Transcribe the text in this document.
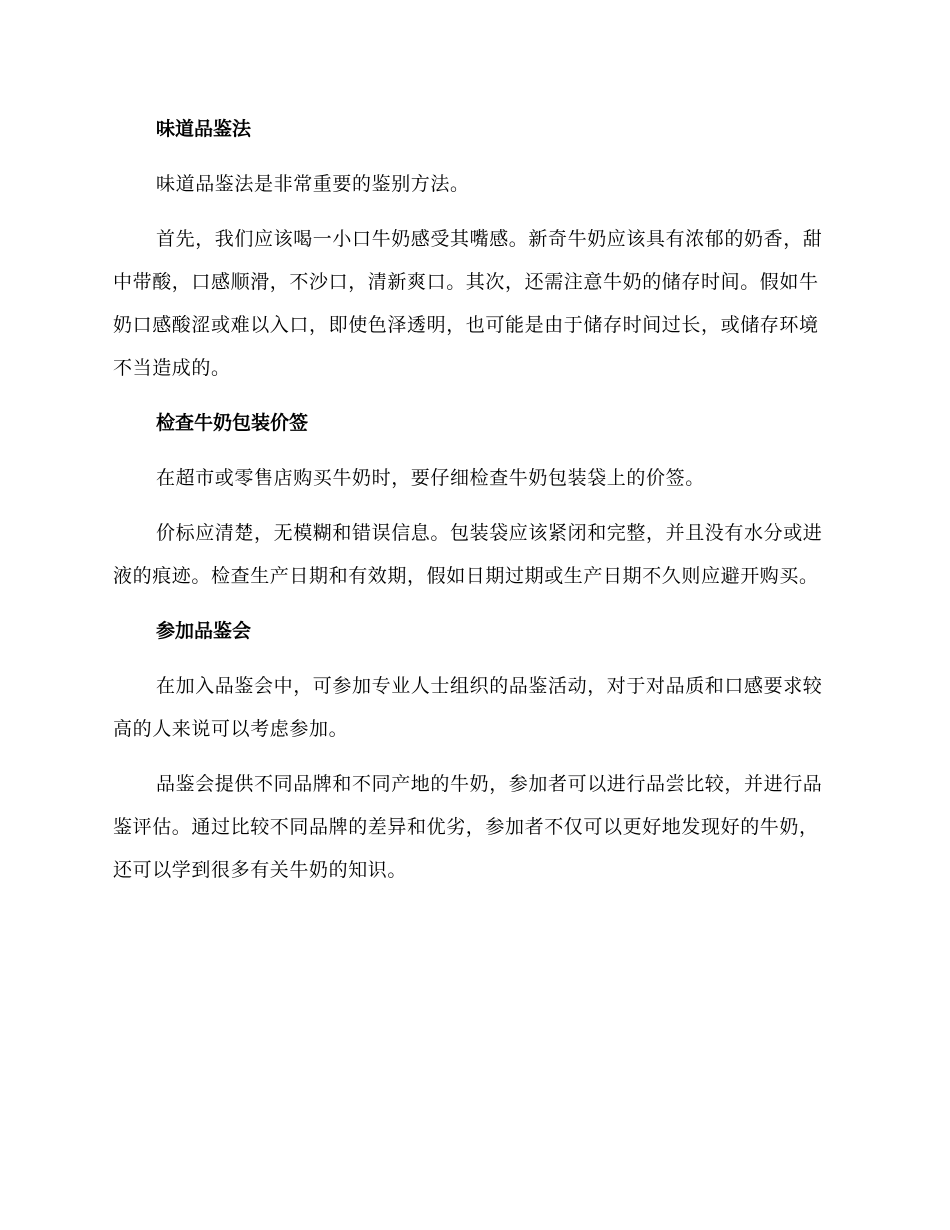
味道品鉴法

味道品鉴法是非常重要的鉴别方法。

首先，我们应该喝一小口牛奶感受其嘴感。新奇牛奶应该具有浓郁的奶香，甜中带酸，口感顺滑，不沙口，清新爽口。其次，还需注意牛奶的储存时间。假如牛奶口感酸涩或难以入口，即使色泽透明，也可能是由于储存时间过长，或储存环境不当造成的。

检查牛奶包装价签

在超市或零售店购买牛奶时，要仔细检查牛奶包装袋上的价签。

价标应清楚，无模糊和错误信息。包装袋应该紧闭和完整，并且没有水分或进液的痕迹。检查生产日期和有效期，假如日期过期或生产日期不久则应避开购买。

参加品鉴会

在加入品鉴会中，可参加专业人士组织的品鉴活动，对于对品质和口感要求较高的人来说可以考虑参加。

品鉴会提供不同品牌和不同产地的牛奶，参加者可以进行品尝比较，并进行品鉴评估。通过比较不同品牌的差异和优劣，参加者不仅可以更好地发现好的牛奶，还可以学到很多有关牛奶的知识。
